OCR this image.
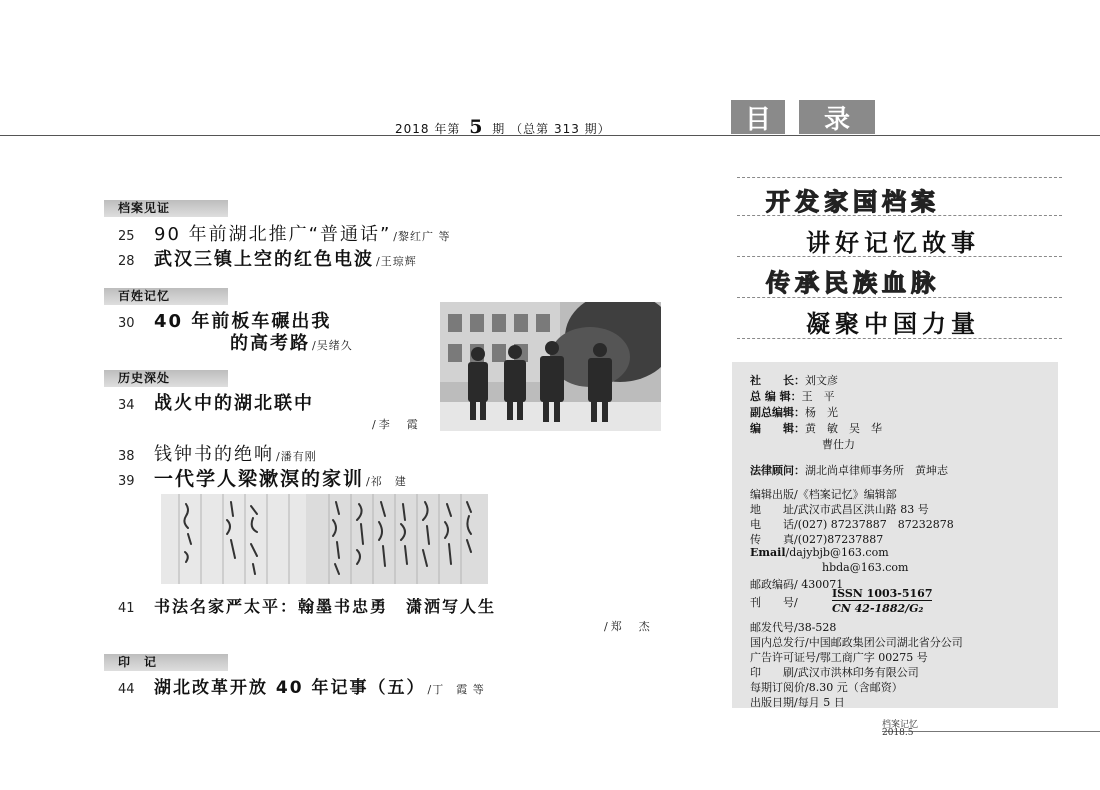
2018 年第 5 期 （总第 313 期）	目	录
档案见证
25	90 年前湖北推广“普通话” /黎红广 等
28	武汉三镇上空的红色电波 /王琼辉
百姓记忆
30	40 年前板车碾出我
的高考路 /吴绪久
历史深处
34	战火中的湖北联中
/李　霞
38	钱钟书的绝响 /潘有刚
39	一代学人梁漱溟的家训 /祁　建
41	书法名家严太平：翰墨书忠勇　潇洒写人生
/郑　杰
印　记
44	湖北改革开放 40 年记事（五） /丁　霞 等
开发家国档案
讲好记忆故事
传承民族血脉
凝聚中国力量
社　　长：刘文彦
总 编 辑：王　平
副总编辑：杨　光
编　　辑：黄　敏　吴　华
曹仕力
法律顾问：湖北尚卓律师事务所　黄坤志
编辑出版/《档案记忆》编辑部
地　　址/武汉市武昌区洪山路 83 号
电　　话/(027) 87237887　87232878
传　　真/(027)87237887
Email/dajybjb@163.com
hbda@163.com
邮政编码/ 430071
刊　　号/
ISSN 1003-5167
CN 42-1882/G₂
邮发代号/38-528
国内总发行/中国邮政集团公司湖北省分公司
广告许可证号/鄂工商广字 00275 号
印　　刷/武汉市洪林印务有限公司
每期订阅价/8.30 元（含邮资）
出版日期/每月 5 日
档案记忆
2018.5
